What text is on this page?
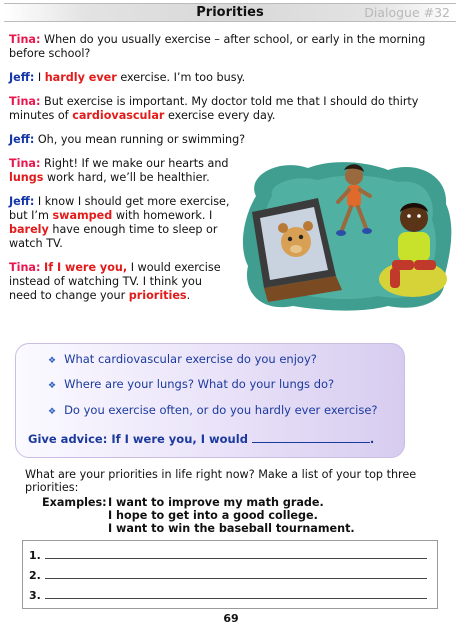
Priorities	Dialogue #32

Tina: When do you usually exercise – after school, or early in the morning before school?

Jeff: I hardly ever exercise. I’m too busy.

Tina: But exercise is important. My doctor told me that I should do thirty minutes of cardiovascular exercise every day.

Jeff: Oh, you mean running or swimming?

Tina: Right! If we make our hearts and lungs work hard, we’ll be healthier.

Jeff: I know I should get more exercise, but I’m swamped with homework. I barely have enough time to sleep or watch TV.

Tina: If I were you, I would exercise instead of watching TV. I think you need to change your priorities.

❖ What cardiovascular exercise do you enjoy?
❖ Where are your lungs? What do your lungs do?
❖ Do you exercise often, or do you hardly ever exercise?
Give advice: If I were you, I would	.
What are your priorities in life right now? Make a list of your top three priorities:
Examples:I want to improve my math grade.
I hope to get into a good college.
I want to win the baseball tournament.
1.
2.
3.
69
